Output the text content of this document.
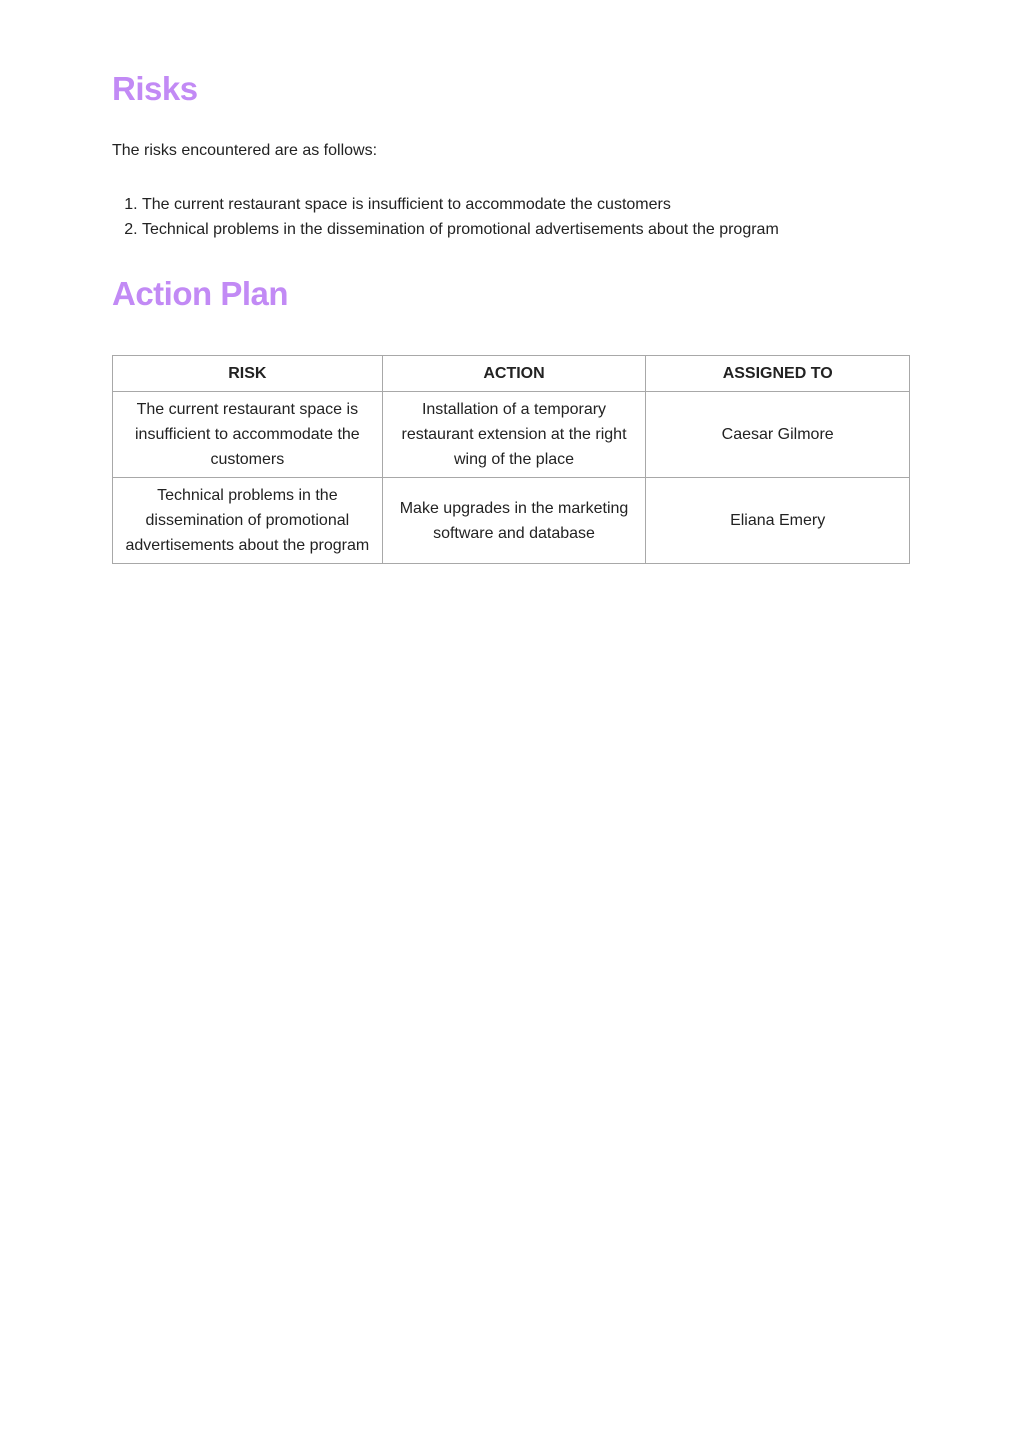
Risks

The risks encountered are as follows:

1. The current restaurant space is insufficient to accommodate the customers
2. Technical problems in the dissemination of promotional advertisements about the program
Action Plan
RISK	ACTION	ASSIGNED TO
The current restaurant space is insufficient to accommodate the customers	Installation of a temporary restaurant extension at the right wing of the place	Caesar Gilmore
Technical problems in the dissemination of promotional advertisements about the program	Make upgrades in the marketing software and database	Eliana Emery
